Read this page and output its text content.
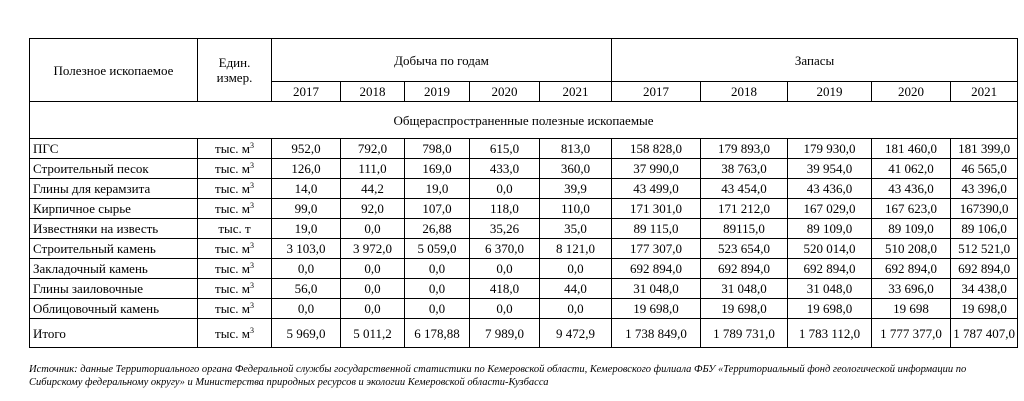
Полезное ископаемое	Един. измер.	Добыча по годам					Запасы				
		2017	2018	2019	2020	2021	2017	2018	2019	2020	2021
Общераспространенные полезные ископаемые											
ПГС	тыс. $м^3$	952,0	792,0	798,0	615,0	813,0	158 828,0	179 893,0	179 930,0	181 460,0	181 399,0
Строительный песок	тыс. $м^3$	126,0	111,0	169,0	433,0	360,0	37 990,0	38 763,0	39 954,0	41 062,0	46 565,0
Глины для керамзита	тыс. $м^3$	14,0	44,2	19,0	0,0	39,9	43 499,0	43 454,0	43 436,0	43 436,0	43 396,0
Кирпичное сырье	тыс. $м^3$	99,0	92,0	107,0	118,0	110,0	171 301,0	171 212,0	167 029,0	167 623,0	167390,0
Известняки на известь	тыс. т	19,0	0,0	26,88	35,26	35,0	89 115,0	89115,0	89 109,0	89 109,0	89 106,0
Строительный камень	тыс. $м^3$	3 103,0	3 972,0	5 059,0	6 370,0	8 121,0	177 307,0	523 654,0	520 014,0	510 208,0	512 521,0
Закладочный камень	тыс. $м^3$	0,0	0,0	0,0	0,0	0,0	692 894,0	692 894,0	692 894,0	692 894,0	692 894,0
Глины заиловочные	тыс. $м^3$	56,0	0,0	0,0	418,0	44,0	31 048,0	31 048,0	31 048,0	33 696,0	34 438,0
Облицовочный камень	тыс. $м^3$	0,0	0,0	0,0	0,0	0,0	19 698,0	19 698,0	19 698,0	19 698	19 698,0
Итого	тыс. $м^3$	5 969,0	5 011,2	6 178,88	7 989,0	9 472,9	1 738 849,0	1 789 731,0	1 783 112,0	1 777 377,0	1 787 407,0
Источник: данные Территориального органа Федеральной службы государственной статистики по Кемеровской области, Кемеровского филиала ФБУ «Территориальный фонд геологической информации по Сибирскому федеральному округу» и Министерства природных ресурсов и экологии Кемеровской области-Кузбасса
